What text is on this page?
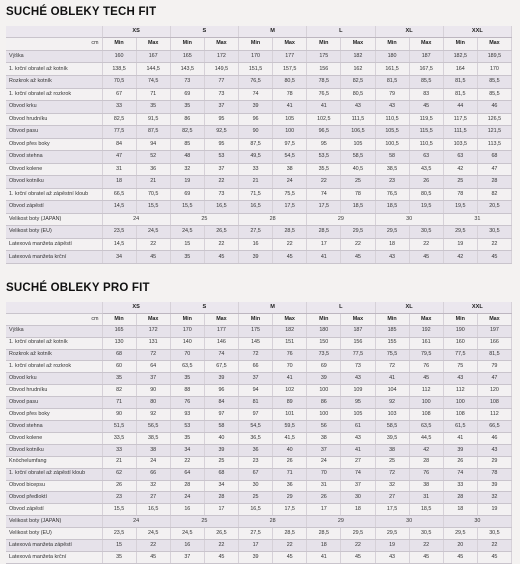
SUCHÉ OBLEKY TECH FIT
	XS		S		M		L		XL		XXL	
cm	Min	Max	Min	Max	Min	Max	Min	Max	Min	Max	Min	Max
Výška	160	167	165	172	170	177	175	182	180	187	182,5	189,5
1. krční obratel až kotník	138,5	144,5	143,5	149,5	151,5	157,5	156	162	161,5	167,5	164	170
Rozkrok až kotník	70,5	74,5	73	77	76,5	80,5	78,5	82,5	81,5	85,5	81,5	85,5
1. krční obratel až rozkrok	67	71	69	73	74	78	76,5	80,5	79	83	81,5	85,5
Obvod krku	33	35	35	37	39	41	41	43	43	45	44	46
Obvod hrudníku	82,5	91,5	86	95	96	105	102,5	111,5	110,5	119,5	117,5	126,5
Obvod pasu	77,5	87,5	82,5	92,5	90	100	96,5	106,5	105,5	115,5	111,5	121,5
Obvod přes boky	84	94	85	95	87,5	97,5	95	105	100,5	110,5	103,5	113,5
Obvod stehna	47	52	48	53	49,5	54,5	53,5	58,5	58	63	63	68
Obvod kolene	31	36	32	37	33	38	35,5	40,5	38,5	43,5	42	47
Obvod kotníku	18	21	19	22	21	24	22	25	23	26	25	28
1. krční obratel až zápěstní kloub	66,5	70,5	69	73	71,5	75,5	74	78	76,5	80,5	78	82
Obvod zápěstí	14,5	15,5	15,5	16,5	16,5	17,5	17,5	18,5	18,5	19,5	19,5	20,5
Velikost boty (JAPAN)	24		25		28		29		30		31	
Velikost boty (EU)	23,5	24,5	24,5	26,5	27,5	28,5	28,5	29,5	29,5	30,5	29,5	30,5
Latexová manžeta zápěstí	14,5	22	15	22	16	22	17	22	18	22	19	22
Latexová manžeta krční	34	45	35	45	39	45	41	45	43	45	42	45
SUCHÉ OBLEKY PRO FIT
	XS		S		M		L		XL		XXL	
cm	Min	Max	Min	Max	Min	Max	Min	Max	Min	Max	Min	Max
Výška	165	172	170	177	175	182	180	187	185	192	190	197
1. krční obratel až kotník	130	131	140	146	145	151	150	156	155	161	160	166
Rozkrok až kotník	68	72	70	74	72	76	73,5	77,5	75,5	79,5	77,5	81,5
1. krční obratel až rozkrok	60	64	63,5	67,5	66	70	69	73	72	76	75	79
Obvod krku	35	37	35	39	37	41	39	43	41	45	43	47
Obvod hrudníku	82	90	88	96	94	102	100	109	104	112	112	120
Obvod pasu	71	80	76	84	81	89	86	95	92	100	100	108
Obvod přes boky	90	92	93	97	97	101	100	105	103	108	108	112
Obvod stehna	51,5	56,5	53	58	54,5	59,5	56	61	58,5	63,5	61,5	66,5
Obvod kolene	33,5	38,5	35	40	36,5	41,5	38	43	39,5	44,5	41	46
Obvod kotníku	33	38	34	39	36	40	37	41	38	42	39	43
Knöchelumfang	21	24	22	25	23	26	24	27	25	28	26	29
1. krční obratel až zápěstí kloub	62	66	64	68	67	71	70	74	72	76	74	78
Obvod bicepsu	26	32	28	34	30	36	31	37	32	38	33	39
Obvod předloktí	23	27	24	28	25	29	26	30	27	31	28	32
Obvod zápěstí	15,5	16,5	16	17	16,5	17,5	17	18	17,5	18,5	18	19
Velikost boty (JAPAN)	24		25		28		29		30		30	
Velikost boty (EU)	23,5	24,5	24,5	26,5	27,5	28,5	28,5	29,5	29,5	30,5	29,5	30,5
Latexová manžeta zápěstí	15	22	16	22	17	22	18	22	19	22	20	22
Latexová manžeta krční	35	45	37	45	39	45	41	45	43	45	45	45
